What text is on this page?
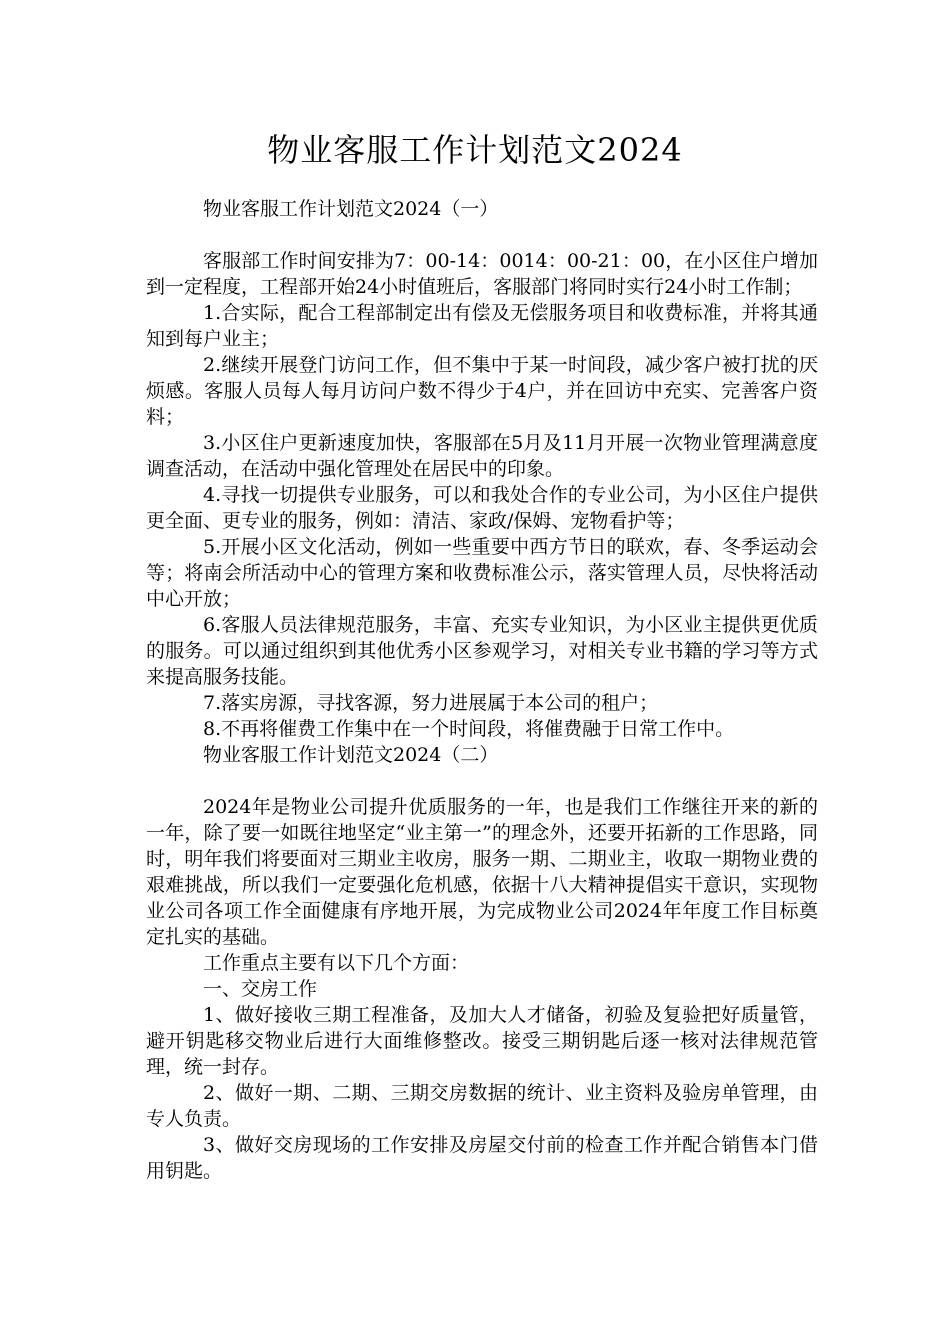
物业客服工作计划范文2024

物业客服工作计划范文2024（一）

客服部工作时间安排为7：00-14：0014：00-21：00，在小区住户增加到一定程度，工程部开始24小时值班后，客服部门将同时实行24小时工作制；

1.合实际，配合工程部制定出有偿及无偿服务项目和收费标准，并将其通知到每户业主；

2.继续开展登门访问工作，但不集中于某一时间段，减少客户被打扰的厌烦感。客服人员每人每月访问户数不得少于4户，并在回访中充实、完善客户资料；

3.小区住户更新速度加快，客服部在5月及11月开展一次物业管理满意度调查活动，在活动中强化管理处在居民中的印象。

4.寻找一切提供专业服务，可以和我处合作的专业公司，为小区住户提供更全面、更专业的服务，例如：清洁、家政/保姆、宠物看护等；

5.开展小区文化活动，例如一些重要中西方节日的联欢，春、冬季运动会等；将南会所活动中心的管理方案和收费标准公示，落实管理人员，尽快将活动中心开放；

6.客服人员法律规范服务，丰富、充实专业知识，为小区业主提供更优质的服务。可以通过组织到其他优秀小区参观学习，对相关专业书籍的学习等方式来提高服务技能。

7.落实房源，寻找客源，努力进展属于本公司的租户；

8.不再将催费工作集中在一个时间段，将催费融于日常工作中。

物业客服工作计划范文2024（二）

2024年是物业公司提升优质服务的一年，也是我们工作继往开来的新的一年，除了要一如既往地坚定“业主第一”的理念外，还要开拓新的工作思路，同时，明年我们将要面对三期业主收房，服务一期、二期业主，收取一期物业费的艰难挑战，所以我们一定要强化危机感，依据十八大精神提倡实干意识，实现物业公司各项工作全面健康有序地开展，为完成物业公司2024年年度工作目标奠定扎实的基础。

工作重点主要有以下几个方面：

一、交房工作

1、做好接收三期工程准备，及加大人才储备，初验及复验把好质量管，避开钥匙移交物业后进行大面维修整改。接受三期钥匙后逐一核对法律规范管理，统一封存。

2、做好一期、二期、三期交房数据的统计、业主资料及验房单管理，由专人负责。

3、做好交房现场的工作安排及房屋交付前的检查工作并配合销售本门借用钥匙。
